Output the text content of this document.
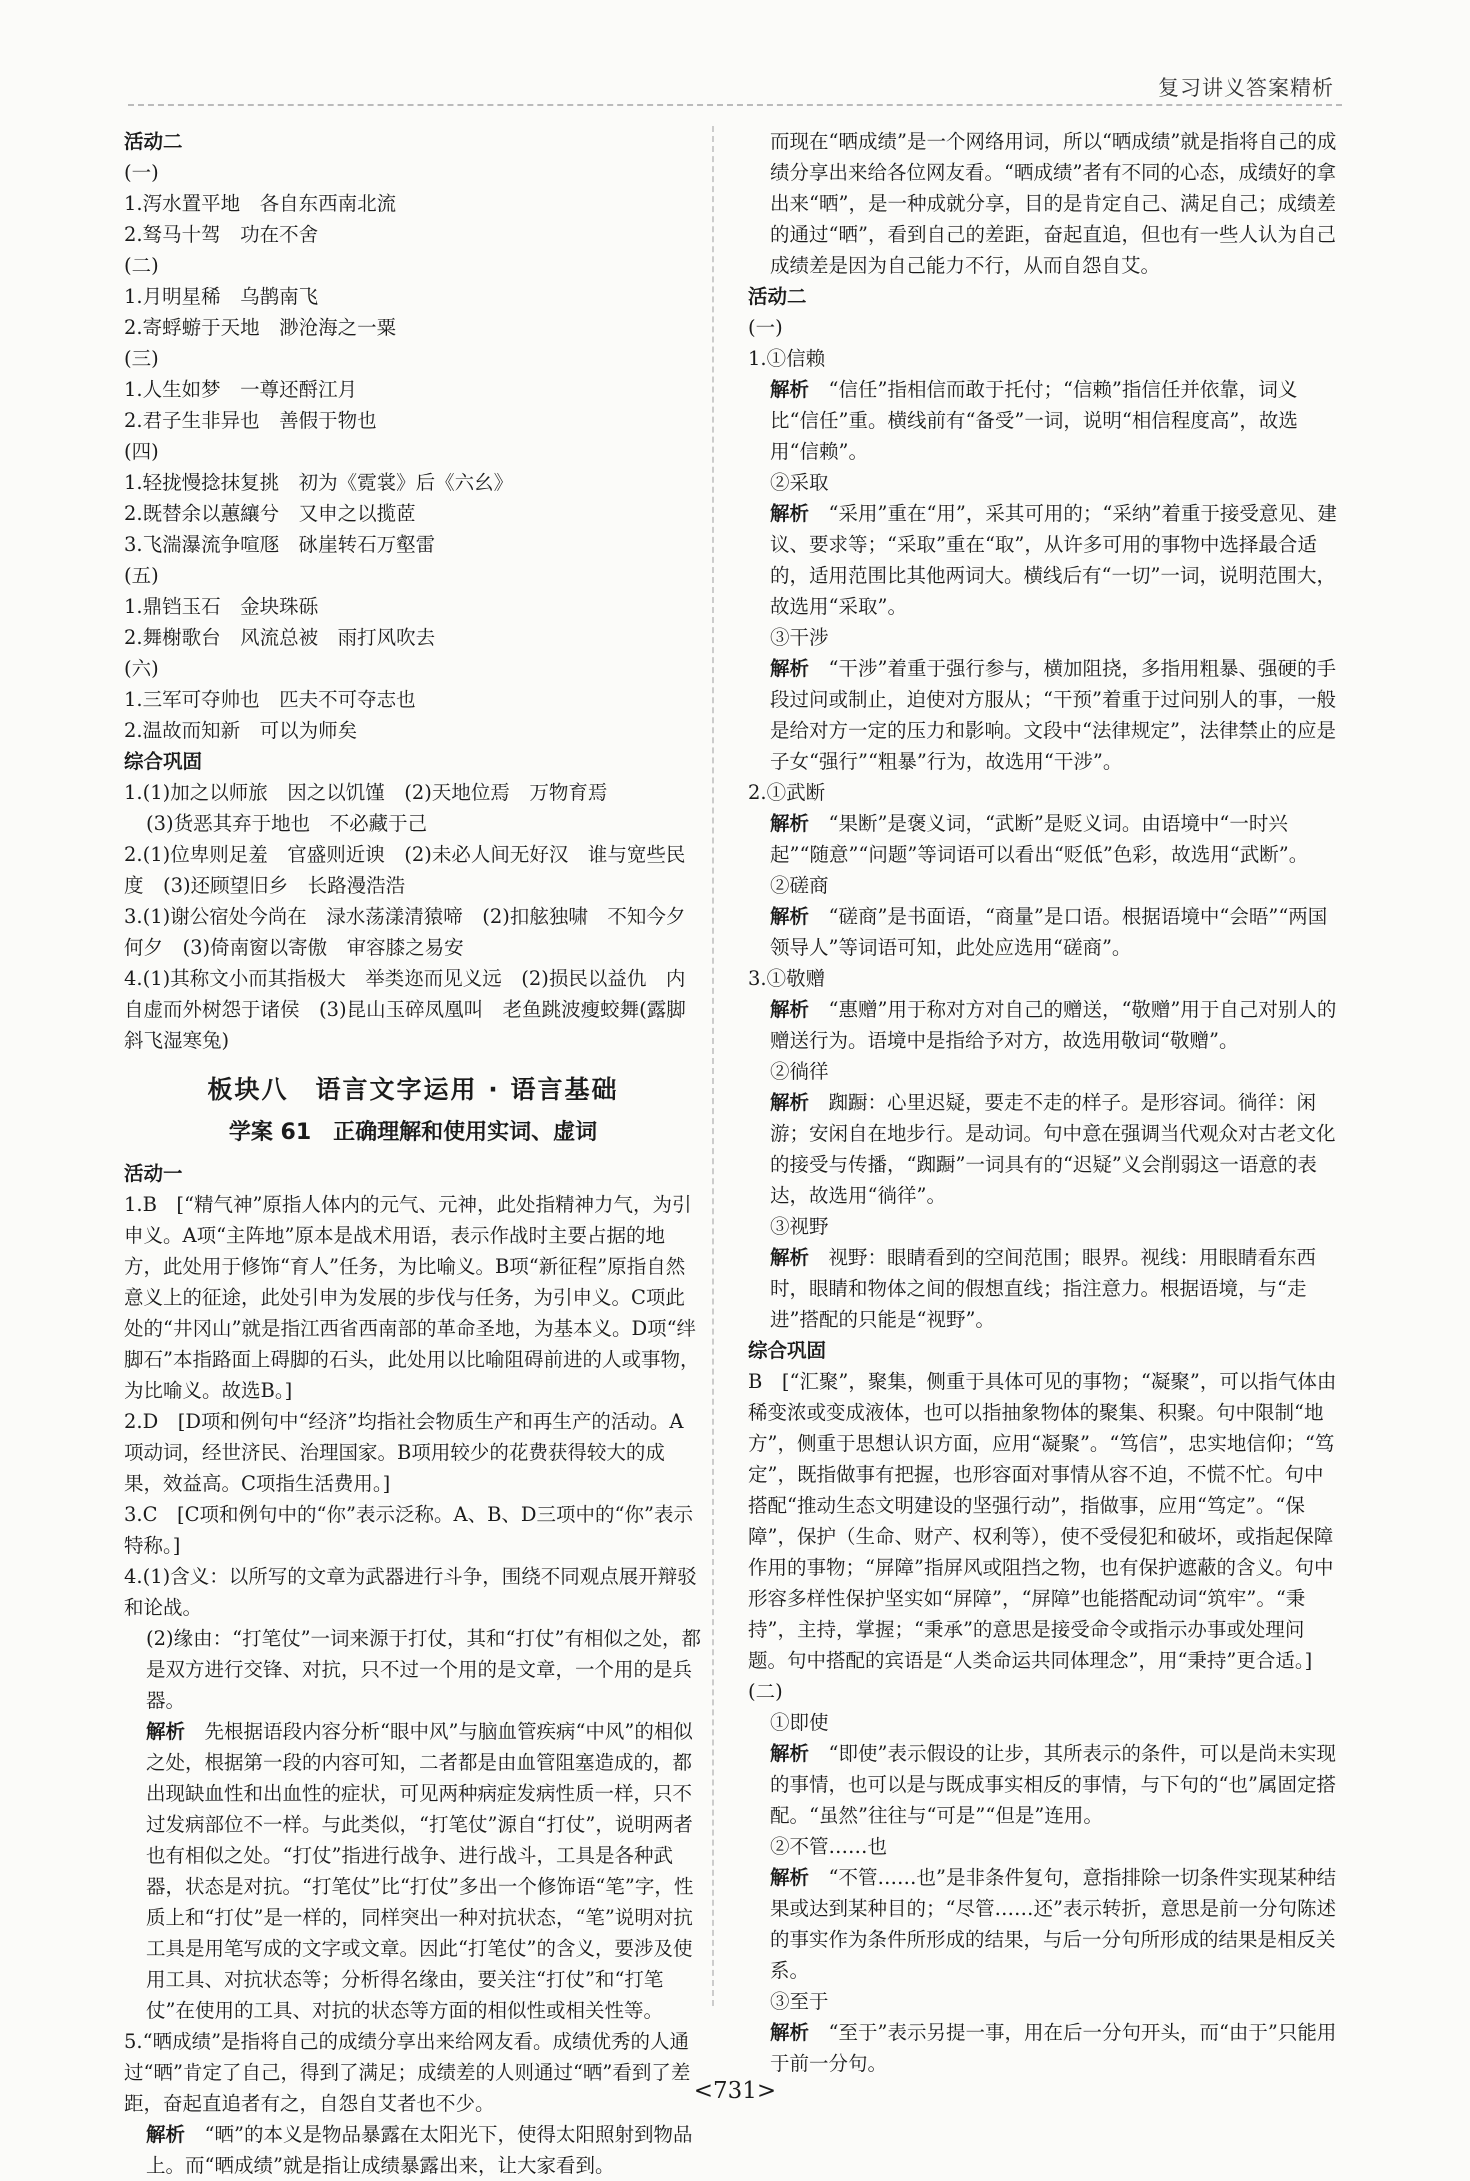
复习讲义答案精析
活动二
(一)
1.泻水置平地　各自东西南北流
2.驽马十驾　功在不舍
(二)
1.月明星稀　乌鹊南飞
2.寄蜉蝣于天地　渺沧海之一粟
(三)
1.人生如梦　一尊还酹江月
2.君子生非异也　善假于物也
(四)
1.轻拢慢捻抹复挑　初为《霓裳》后《六幺》
2.既替余以蕙纕兮　又申之以揽茝
3.飞湍瀑流争喧豗　砯崖转石万壑雷
(五)
1.鼎铛玉石　金块珠砾
2.舞榭歌台　风流总被　雨打风吹去
(六)
1.三军可夺帅也　匹夫不可夺志也
2.温故而知新　可以为师矣
综合巩固
1.(1)加之以师旅　因之以饥馑　(2)天地位焉　万物育焉
(3)货恶其弃于地也　不必藏于己
2.(1)位卑则足羞　官盛则近谀　(2)未必人间无好汉　谁与宽些民度　(3)还顾望旧乡　长路漫浩浩
3.(1)谢公宿处今尚在　渌水荡漾清猿啼　(2)扣舷独啸　不知今夕何夕　(3)倚南窗以寄傲　审容膝之易安
4.(1)其称文小而其指极大　举类迩而见义远　(2)损民以益仇　内自虚而外树怨于诸侯　(3)昆山玉碎凤凰叫　老鱼跳波瘦蛟舞(露脚斜飞湿寒兔)
板块八　语言文字运用 · 语言基础
学案 61　正确理解和使用实词、虚词
活动一
1.B　[“精气神”原指人体内的元气、元神，此处指精神力气，为引申义。A项“主阵地”原本是战术用语，表示作战时主要占据的地方，此处用于修饰“育人”任务，为比喻义。B项“新征程”原指自然意义上的征途，此处引申为发展的步伐与任务，为引申义。C项此处的“井冈山”就是指江西省西南部的革命圣地，为基本义。D项“绊脚石”本指路面上碍脚的石头，此处用以比喻阻碍前进的人或事物，为比喻义。故选B。]
2.D　[D项和例句中“经济”均指社会物质生产和再生产的活动。A项动词，经世济民、治理国家。B项用较少的花费获得较大的成果，效益高。C项指生活费用。]
3.C　[C项和例句中的“你”表示泛称。A、B、D三项中的“你”表示特称。]
4.(1)含义：以所写的文章为武器进行斗争，围绕不同观点展开辩驳和论战。
(2)缘由：“打笔仗”一词来源于打仗，其和“打仗”有相似之处，都是双方进行交锋、对抗，只不过一个用的是文章，一个用的是兵器。
解析　先根据语段内容分析“眼中风”与脑血管疾病“中风”的相似之处，根据第一段的内容可知，二者都是由血管阻塞造成的，都出现缺血性和出血性的症状，可见两种病症发病性质一样，只不过发病部位不一样。与此类似，“打笔仗”源自“打仗”，说明两者也有相似之处。“打仗”指进行战争、进行战斗，工具是各种武器，状态是对抗。“打笔仗”比“打仗”多出一个修饰语“笔”字，性质上和“打仗”是一样的，同样突出一种对抗状态，“笔”说明对抗工具是用笔写成的文字或文章。因此“打笔仗”的含义，要涉及使用工具、对抗状态等；分析得名缘由，要关注“打仗”和“打笔仗”在使用的工具、对抗的状态等方面的相似性或相关性等。
5.“晒成绩”是指将自己的成绩分享出来给网友看。成绩优秀的人通过“晒”肯定了自己，得到了满足；成绩差的人则通过“晒”看到了差距，奋起直追者有之，自怨自艾者也不少。
解析　“晒”的本义是物品暴露在太阳光下，使得太阳照射到物品上。而“晒成绩”就是指让成绩暴露出来，让大家看到。
而现在“晒成绩”是一个网络用词，所以“晒成绩”就是指将自己的成绩分享出来给各位网友看。“晒成绩”者有不同的心态，成绩好的拿出来“晒”，是一种成就分享，目的是肯定自己、满足自己；成绩差的通过“晒”，看到自己的差距，奋起直追，但也有一些人认为自己成绩差是因为自己能力不行，从而自怨自艾。
活动二
(一)
1.①信赖
解析　“信任”指相信而敢于托付；“信赖”指信任并依靠，词义比“信任”重。横线前有“备受”一词，说明“相信程度高”，故选用“信赖”。
②采取
解析　“采用”重在“用”，采其可用的；“采纳”着重于接受意见、建议、要求等；“采取”重在“取”，从许多可用的事物中选择最合适的，适用范围比其他两词大。横线后有“一切”一词，说明范围大，故选用“采取”。
③干涉
解析　“干涉”着重于强行参与，横加阻挠，多指用粗暴、强硬的手段过问或制止，迫使对方服从；“干预”着重于过问别人的事，一般是给对方一定的压力和影响。文段中“法律规定”，法律禁止的应是子女“强行”“粗暴”行为，故选用“干涉”。
2.①武断
解析　“果断”是褒义词，“武断”是贬义词。由语境中“一时兴起”“随意”“问题”等词语可以看出“贬低”色彩，故选用“武断”。
②磋商
解析　“磋商”是书面语，“商量”是口语。根据语境中“会晤”“两国领导人”等词语可知，此处应选用“磋商”。
3.①敬赠
解析　“惠赠”用于称对方对自己的赠送，“敬赠”用于自己对别人的赠送行为。语境中是指给予对方，故选用敬词“敬赠”。
②徜徉
解析　踟蹰：心里迟疑，要走不走的样子。是形容词。徜徉：闲游；安闲自在地步行。是动词。句中意在强调当代观众对古老文化的接受与传播，“踟蹰”一词具有的“迟疑”义会削弱这一语意的表达，故选用“徜徉”。
③视野
解析　视野：眼睛看到的空间范围；眼界。视线：用眼睛看东西时，眼睛和物体之间的假想直线；指注意力。根据语境，与“走进”搭配的只能是“视野”。
综合巩固
B　[“汇聚”，聚集，侧重于具体可见的事物；“凝聚”，可以指气体由稀变浓或变成液体，也可以指抽象物体的聚集、积聚。句中限制“地方”，侧重于思想认识方面，应用“凝聚”。“笃信”，忠实地信仰；“笃定”，既指做事有把握，也形容面对事情从容不迫，不慌不忙。句中搭配“推动生态文明建设的坚强行动”，指做事，应用“笃定”。“保障”，保护（生命、财产、权利等），使不受侵犯和破坏，或指起保障作用的事物；“屏障”指屏风或阻挡之物，也有保护遮蔽的含义。句中形容多样性保护坚实如“屏障”，“屏障”也能搭配动词“筑牢”。“秉持”，主持，掌握；“秉承”的意思是接受命令或指示办事或处理问题。句中搭配的宾语是“人类命运共同体理念”，用“秉持”更合适。]
(二)
①即使
解析　“即使”表示假设的让步，其所表示的条件，可以是尚未实现的事情，也可以是与既成事实相反的事情，与下句的“也”属固定搭配。“虽然”往往与“可是”“但是”连用。
②不管……也
解析　“不管……也”是非条件复句，意指排除一切条件实现某种结果或达到某种目的；“尽管……还”表示转折，意思是前一分句陈述的事实作为条件所形成的结果，与后一分句所形成的结果是相反关系。
③至于
解析　“至于”表示另提一事，用在后一分句开头，而“由于”只能用于前一分句。
<731>
